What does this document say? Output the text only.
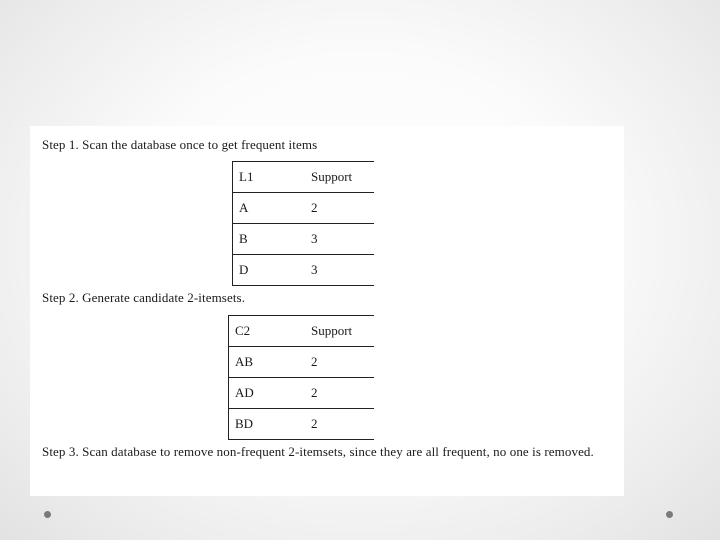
Step 1. Scan the database once to get frequent items

L1	Support
A	2
B	3
D	3

Step 2. Generate candidate 2-itemsets.

C2	Support
AB	2
AD	2
BD	2

Step 3. Scan database to remove non-frequent 2-itemsets, since they are all frequent, no one is removed.
